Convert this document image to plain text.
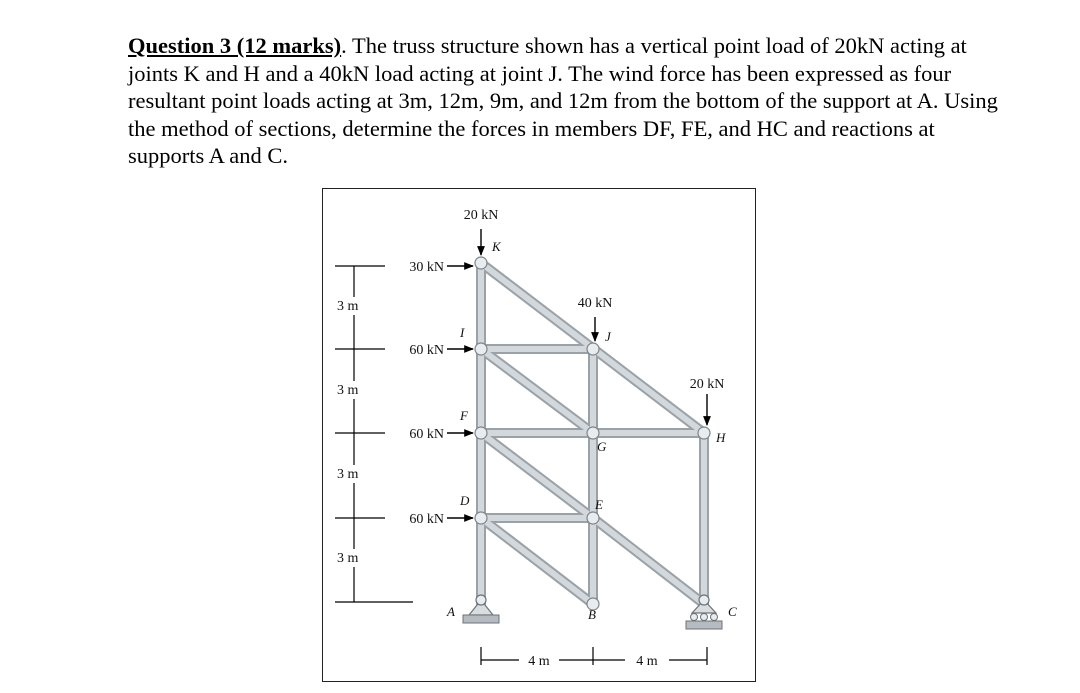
Question 3 (12 marks). The truss structure shown has a vertical point load of 20kN acting at joints K and H and a 40kN load acting at joint J. The wind force has been expressed as four resultant point loads acting at 3m, 12m, 9m, and 12m from the bottom of the support at A. Using the method of sections, determine the forces in members DF, FE, and HC and reactions at supports A and C.

20 kN
40 kN
20 kN
30 kN
60 kN
60 kN
60 kN
K
I	J
F
G
H
D	E
A	B	C
3 m
3 m
3 m
3 m
4 m	4 m
